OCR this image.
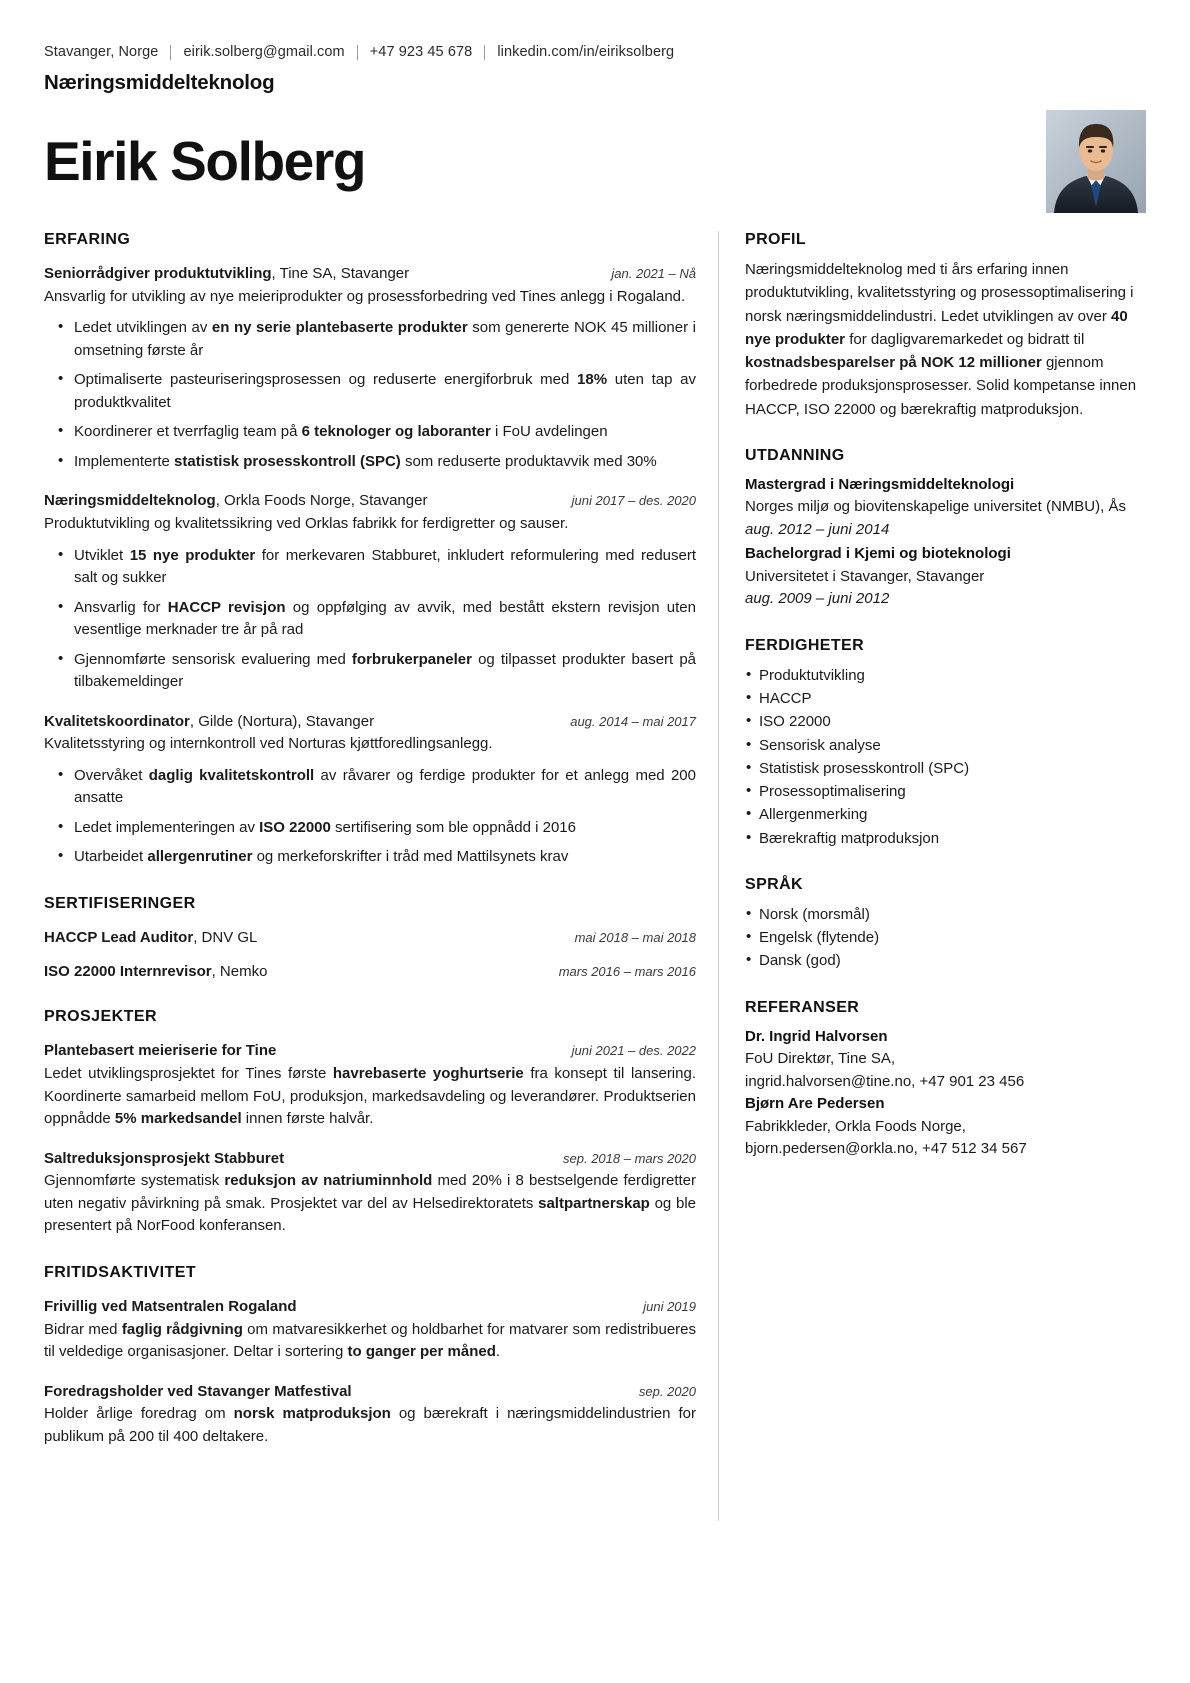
Stavanger, Norge eirik.solberg@gmail.com +47 923 45 678 linkedin.com/in/eiriksolberg
Næringsmiddelteknolog
Eirik Solberg
ERFARING
Seniorrådgiver produktutvikling, Tine SA, Stavanger	jan. 2021 – Nå
Ansvarlig for utvikling av nye meieriprodukter og prosessforbedring ved Tines anlegg i Rogaland.
• Ledet utviklingen av en ny serie plantebaserte produkter som genererte NOK 45 millioner i omsetning første år
• Optimaliserte pasteuriseringsprosessen og reduserte energiforbruk med 18% uten tap av produktkvalitet
• Koordinerer et tverrfaglig team på 6 teknologer og laboranter i FoU avdelingen
• Implementerte statistisk prosesskontroll (SPC) som reduserte produktavvik med 30%
Næringsmiddelteknolog, Orkla Foods Norge, Stavanger	juni 2017 – des. 2020
Produktutvikling og kvalitetssikring ved Orklas fabrikk for ferdigretter og sauser.
• Utviklet 15 nye produkter for merkevaren Stabburet, inkludert reformulering med redusert salt og sukker
• Ansvarlig for HACCP revisjon og oppfølging av avvik, med bestått ekstern revisjon uten vesentlige merknader tre år på rad
• Gjennomførte sensorisk evaluering med forbrukerpaneler og tilpasset produkter basert på tilbakemeldinger
Kvalitetskoordinator, Gilde (Nortura), Stavanger	aug. 2014 – mai 2017
Kvalitetsstyring og internkontroll ved Norturas kjøttforedlingsanlegg.
• Overvåket daglig kvalitetskontroll av råvarer og ferdige produkter for et anlegg med 200 ansatte
• Ledet implementeringen av ISO 22000 sertifisering som ble oppnådd i 2016
• Utarbeidet allergenrutiner og merkeforskrifter i tråd med Mattilsynets krav
SERTIFISERINGER
HACCP Lead Auditor, DNV GL	mai 2018 – mai 2018
ISO 22000 Internrevisor, Nemko	mars 2016 – mars 2016
PROSJEKTER
Plantebasert meieriserie for Tine	juni 2021 – des. 2022
Ledet utviklingsprosjektet for Tines første havrebaserte yoghurtserie fra konsept til lansering. Koordinerte samarbeid mellom FoU, produksjon, markedsavdeling og leverandører. Produktserien oppnådde 5% markedsandel innen første halvår.
Saltreduksjonsprosjekt Stabburet	sep. 2018 – mars 2020
Gjennomførte systematisk reduksjon av natriuminnhold med 20% i 8 bestselgende ferdigretter uten negativ påvirkning på smak. Prosjektet var del av Helsedirektoratets saltpartnerskap og ble presentert på NorFood konferansen.
FRITIDSAKTIVITET
Frivillig ved Matsentralen Rogaland	juni 2019
Bidrar med faglig rådgivning om matvaresikkerhet og holdbarhet for matvarer som redistribueres til veldedige organisasjoner. Deltar i sortering to ganger per måned.
Foredragsholder ved Stavanger Matfestival	sep. 2020
Holder årlige foredrag om norsk matproduksjon og bærekraft i næringsmiddelindustrien for publikum på 200 til 400 deltakere.
PROFIL
Næringsmiddelteknolog med ti års erfaring innen produktutvikling, kvalitetsstyring og prosessoptimalisering i norsk næringsmiddelindustri. Ledet utviklingen av over 40 nye produkter for dagligvaremarkedet og bidratt til kostnadsbesparelser på NOK 12 millioner gjennom forbedrede produksjonsprosesser. Solid kompetanse innen HACCP, ISO 22000 og bærekraftig matproduksjon.
UTDANNING
Mastergrad i Næringsmiddelteknologi
Norges miljø og biovitenskapelige universitet (NMBU), Ås
aug. 2012 – juni 2014
Bachelorgrad i Kjemi og bioteknologi
Universitetet i Stavanger, Stavanger
aug. 2009 – juni 2012
FERDIGHETER
• Produktutvikling
• HACCP
• ISO 22000
• Sensorisk analyse
• Statistisk prosesskontroll (SPC)
• Prosessoptimalisering
• Allergenmerking
• Bærekraftig matproduksjon
SPRÅK
• Norsk (morsmål)
• Engelsk (flytende)
• Dansk (god)
REFERANSER
Dr. Ingrid Halvorsen
FoU Direktør, Tine SA,
ingrid.halvorsen@tine.no, +47 901 23 456
Bjørn Are Pedersen
Fabrikkleder, Orkla Foods Norge,
bjorn.pedersen@orkla.no, +47 512 34 567
